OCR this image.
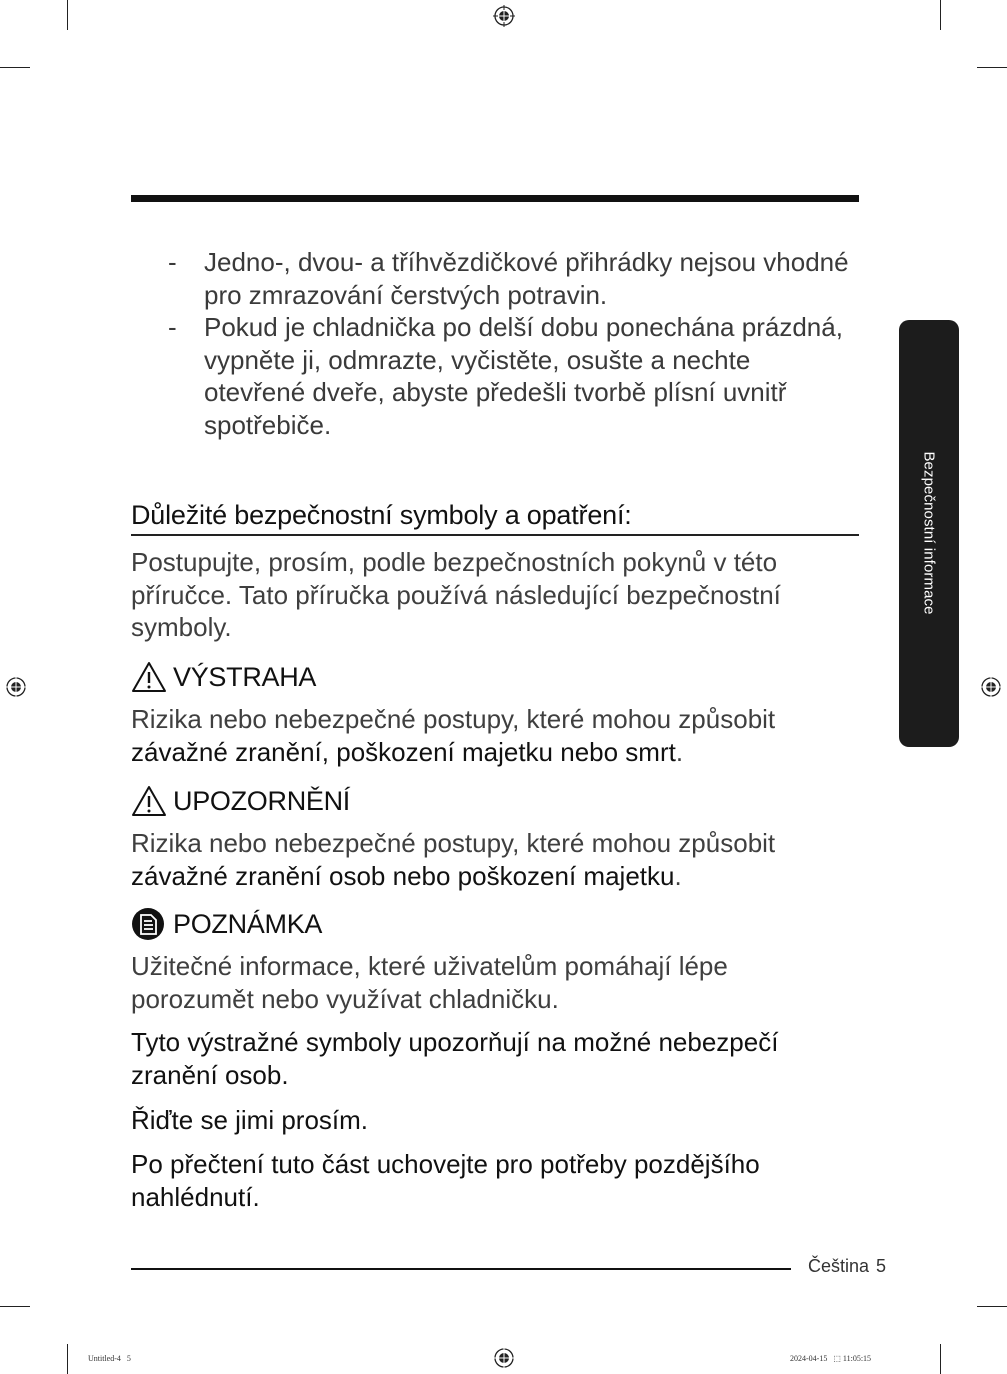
- Jedno-, dvou- a tříhvězdičkové přihrádky nejsou vhodné pro zmrazování čerstvých potravin.
- Pokud je chladnička po delší dobu ponechána prázdná, vypněte ji, odmrazte, vyčistěte, osušte a nechte otevřené dveře, abyste předešli tvorbě plísní uvnitř spotřebiče.
Důležité bezpečnostní symboly a opatření:
Postupujte, prosím, podle bezpečnostních pokynů v této příručce. Tato příručka používá následující bezpečnostní symboly.
VÝSTRAHA
Rizika nebo nebezpečné postupy, které mohou způsobit
závažné zranění, poškození majetku nebo smrt.
UPOZORNĚNÍ
Rizika nebo nebezpečné postupy, které mohou způsobit
závažné zranění osob nebo poškození majetku.
POZNÁMKA
Užitečné informace, které uživatelům pomáhají lépe porozumět nebo využívat chladničku.
Tyto výstražné symboly upozorňují na možné nebezpečí zranění osob.
Řiďte se jimi prosím.
Po přečtení tuto část uchovejte pro potřeby pozdějšího nahlédnutí.
Bezpečnostní informace
Čeština 5
Untitled-4   5	2024-04-15   ⬚ 11:05:15
